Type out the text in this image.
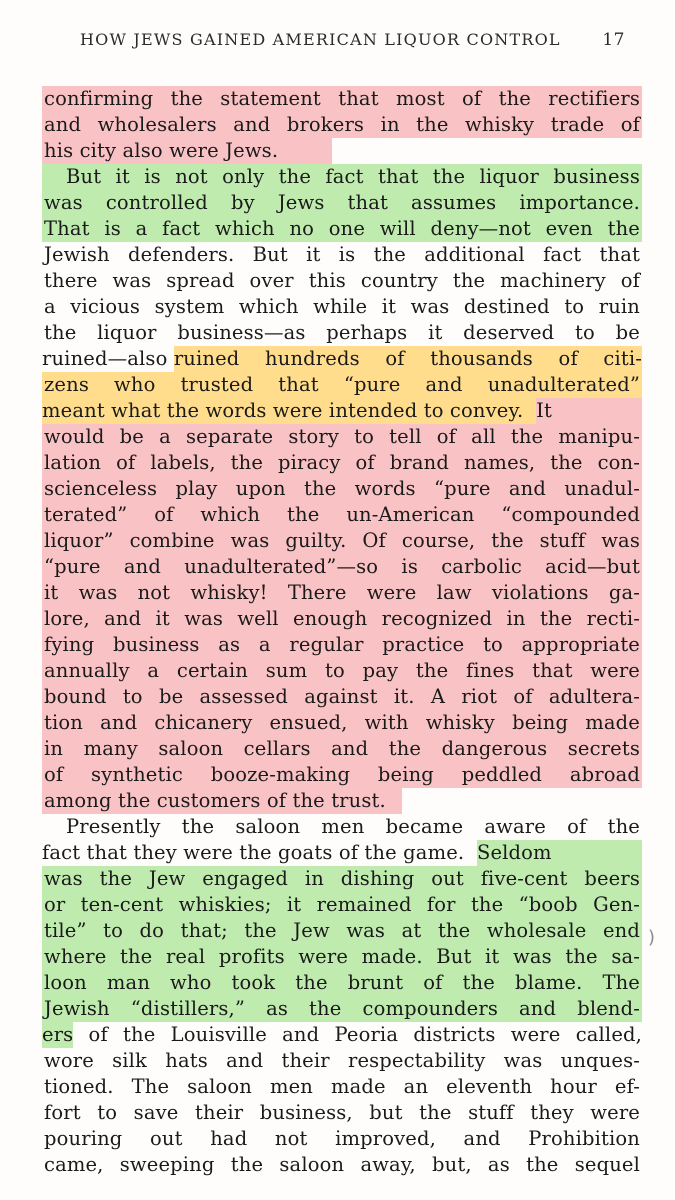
HOW JEWS GAINED AMERICAN LIQUOR CONTROL 17
confirming the statement that most of the rectifiers
and wholesalers and brokers in the whisky trade of
his city also were Jews.
But it is not only the fact that the liquor business
was controlled by Jews that assumes importance.
That is a fact which no one will deny—not even the
Jewish defenders. But it is the additional fact that
there was spread over this country the machinery of
a vicious system which while it was destined to ruin
the liquor business—as perhaps it deserved to be
ruined—also ruined hundreds of thousands of citi-
zens who trusted that “pure and unadulterated”
meant what the words were intended to convey. It
would be a separate story to tell of all the manipu-
lation of labels, the piracy of brand names, the con-
scienceless play upon the words “pure and unadul-
terated” of which the un-American “compounded
liquor” combine was guilty. Of course, the stuff was
“pure and unadulterated”—so is carbolic acid—but
it was not whisky! There were law violations ga-
lore, and it was well enough recognized in the recti-
fying business as a regular practice to appropriate
annually a certain sum to pay the fines that were
bound to be assessed against it. A riot of adultera-
tion and chicanery ensued, with whisky being made
in many saloon cellars and the dangerous secrets
of synthetic booze-making being peddled abroad
among the customers of the trust.
Presently the saloon men became aware of the
fact that they were the goats of the game. Seldom
was the Jew engaged in dishing out five-cent beers
or ten-cent whiskies; it remained for the “boob Gen-
tile” to do that; the Jew was at the wholesale end
where the real profits were made. But it was the sa-
loon man who took the brunt of the blame. The
Jewish “distillers,” as the compounders and blend-
ers of the Louisville and Peoria districts were called,
wore silk hats and their respectability was unques-
tioned. The saloon men made an eleventh hour ef-
fort to save their business, but the stuff they were
pouring out had not improved, and Prohibition
came, sweeping the saloon away, but, as the sequel
)
